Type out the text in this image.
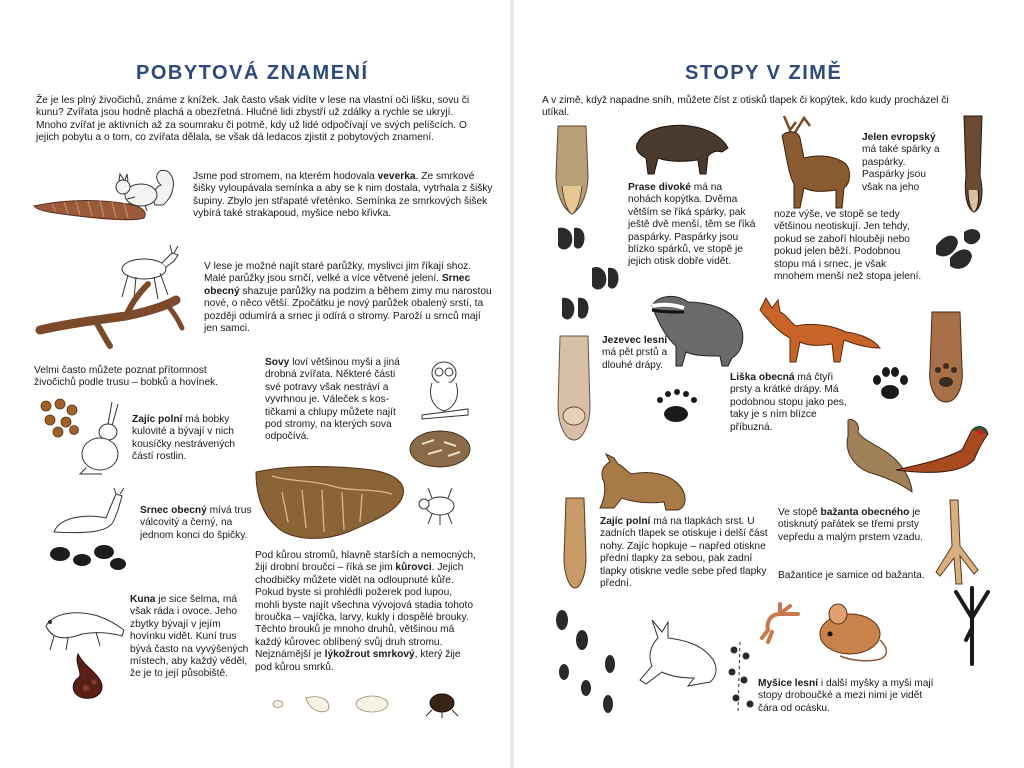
POBYTOVÁ ZNAMENÍ

Že je les plný živočichů, známe z knížek. Jak často však vidíte v lese na vlastní oči lišku, sovu či kunu? Zvířata jsou hodně plachá a obezřetná. Hlučné lidi zbystří už zdálky a rychle se ukryjí. Mnoho zvířat je aktivních až za soumraku či potmě, kdy už lidé odpočívají ve svých pelíšcích. O jejich pobytu a o tom, co zvířata dělala, se však dá ledacos zjistit z pobytových znamení.

Jsme pod stromem, na kterém hodovala veverka. Ze smrkové šišky vyloupávala semínka a aby se k nim dostala, vytrhala z šišky šupiny. Zbylo jen střapaté vřeténko. Semínka ze smrkových šišek vybírá také strakapoud, myšice nebo křivka.

V lese je možné najít staré parůžky, myslivci jim říkají shoz. Malé parůžky jsou srnčí, velké a více větvené jelení. Srnec obecný shazuje parůžky na podzim a během zimy mu narostou nové, o něco větší. Zpočátku je nový parůžek obalený srstí, ta později odumírá a srnec ji odírá o stromy. Paroží u srnců mají jen samci.

Velmi často můžete poznat přítomnost živočichů podle trusu – bobků a hovínek.

Zajíc polní má bobky kulovité a bývají v nich kousíčky nestrávených částí rostlin.

Srnec obecný mívá trus válcovitý a černý, na jednom konci do špičky.

Kuna je sice šelma, má však ráda i ovoce. Jeho zbytky bývají v jejím hovínku vidět. Kuní trus bývá často na vyvýšených místech, aby každý věděl, že je to její působiště.

Sovy loví většinou myši a jiná drobná zvířata. Některé části své potravy však nestráví a vyvrhnou je. Váleček s kostičkami a chlupy můžete najít pod stromy, na kterých sova odpočívá.

Pod kůrou stromů, hlavně starších a nemocných, žijí drobní broučci – říká se jim kůrovci. Jejich chodbičky můžete vidět na odloupnuté kůře. Pokud byste si prohlédli požerek pod lupou, mohli byste najít všechna vývojová stadia tohoto broučka – vajíčka, larvy, kukly i dospělé brouky. Těchto brouků je mnoho druhů, většinou má každý kůrovec oblíbený svůj druh stromu. Nejznámější je lýkožrout smrkový, který žije pod kůrou smrků.

STOPY V ZIMĚ

A v zimě, když napadne sníh, můžete číst z otisků tlapek či kopýtek, kdo kudy procházel či utíkal.

Prase divoké má na nohách kopýtka. Dvěma větším se říká spárky, pak ještě dvě menší, těm se říká paspárky. Paspárky jsou blízko spárků, ve stopě je jejich otisk dobře vidět.

Jelen evropský má také spárky a paspárky. Paspárky jsou však na jeho

noze výše, ve stopě se tedy většinou neotiskují. Jen tehdy, pokud se zaboří hlouběji nebo pokud jelen běží. Podobnou stopu má i srnec, je však mnohem menší než stopa jelení.

Jezevec lesní má pět prstů a dlouhé drápy.

Liška obecná má čtyři prsty a krátké drápy. Má podobnou stopu jako pes, taky je s ním blízce příbuzná.

Zajíc polní má na tlapkách srst. U zadních tlapek se otiskuje i delší část nohy. Zajíc hopkuje – napřed otiskne přední tlapky za sebou, pak zadní tlapky otiskne vedle sebe před tlapky přední.

Ve stopě bažanta obecného je otisknutý pařátek se třemi prsty vepředu a malým prstem vzadu.

Bažantice je samice od bažanta.

Myšice lesní i další myšky a myši mají stopy droboučké a mezi nimi je vidět čára od ocásku.
